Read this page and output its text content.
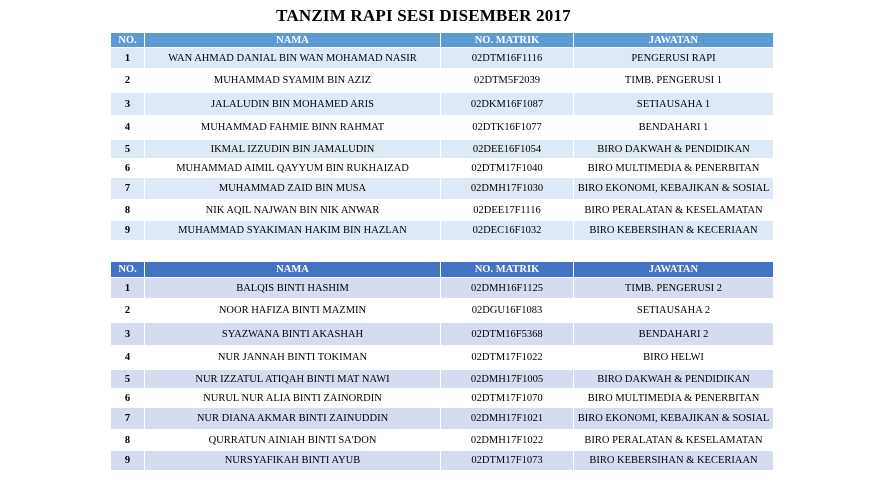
TANZIM RAPI SESI DISEMBER 2017
NO.	NAMA	NO. MATRIK	JAWATAN
1	WAN AHMAD DANIAL BIN WAN MOHAMAD NASIR	02DTM16F1116	PENGERUSI RAPI
2	MUHAMMAD SYAMIM BIN AZIZ	02DTM5F2039	TIMB. PENGERUSI 1
3	JALALUDIN BIN MOHAMED ARIS	02DKM16F1087	SETIAUSAHA 1
4	MUHAMMAD FAHMIE BINN RAHMAT	02DTK16F1077	BENDAHARI 1
5	IKMAL IZZUDIN BIN JAMALUDIN	02DEE16F1054	BIRO DAKWAH & PENDIDIKAN
6	MUHAMMAD AIMIL QAYYUM BIN RUKHAIZAD	02DTM17F1040	BIRO MULTIMEDIA & PENERBITAN
7	MUHAMMAD ZAID BIN MUSA	02DMH17F1030	BIRO EKONOMI, KEBAJIKAN & SOSIAL
8	NIK AQIL NAJWAN BIN NIK ANWAR	02DEE17F1116	BIRO PERALATAN & KESELAMATAN
9	MUHAMMAD SYAKIMAN HAKIM BIN HAZLAN	02DEC16F1032	BIRO KEBERSIHAN & KECERIAAN
NO.	NAMA	NO. MATRIK	JAWATAN
1	BALQIS BINTI HASHIM	02DMH16F1125	TIMB. PENGERUSI 2
2	NOOR HAFIZA BINTI MAZMIN	02DGU16F1083	SETIAUSAHA 2
3	SYAZWANA BINTI AKASHAH	02DTM16F5368	BENDAHARI 2
4	NUR JANNAH BINTI TOKIMAN	02DTM17F1022	BIRO HELWI
5	NUR IZZATUL ATIQAH BINTI MAT NAWI	02DMH17F1005	BIRO DAKWAH & PENDIDIKAN
6	NURUL NUR ALIA BINTI ZAINORDIN	02DTM17F1070	BIRO MULTIMEDIA & PENERBITAN
7	NUR DIANA AKMAR BINTI ZAINUDDIN	02DMH17F1021	BIRO EKONOMI, KEBAJIKAN & SOSIAL
8	QURRATUN AINIAH BINTI SA'DON	02DMH17F1022	BIRO PERALATAN & KESELAMATAN
9	NURSYAFIKAH BINTI AYUB	02DTM17F1073	BIRO KEBERSIHAN & KECERIAAN
